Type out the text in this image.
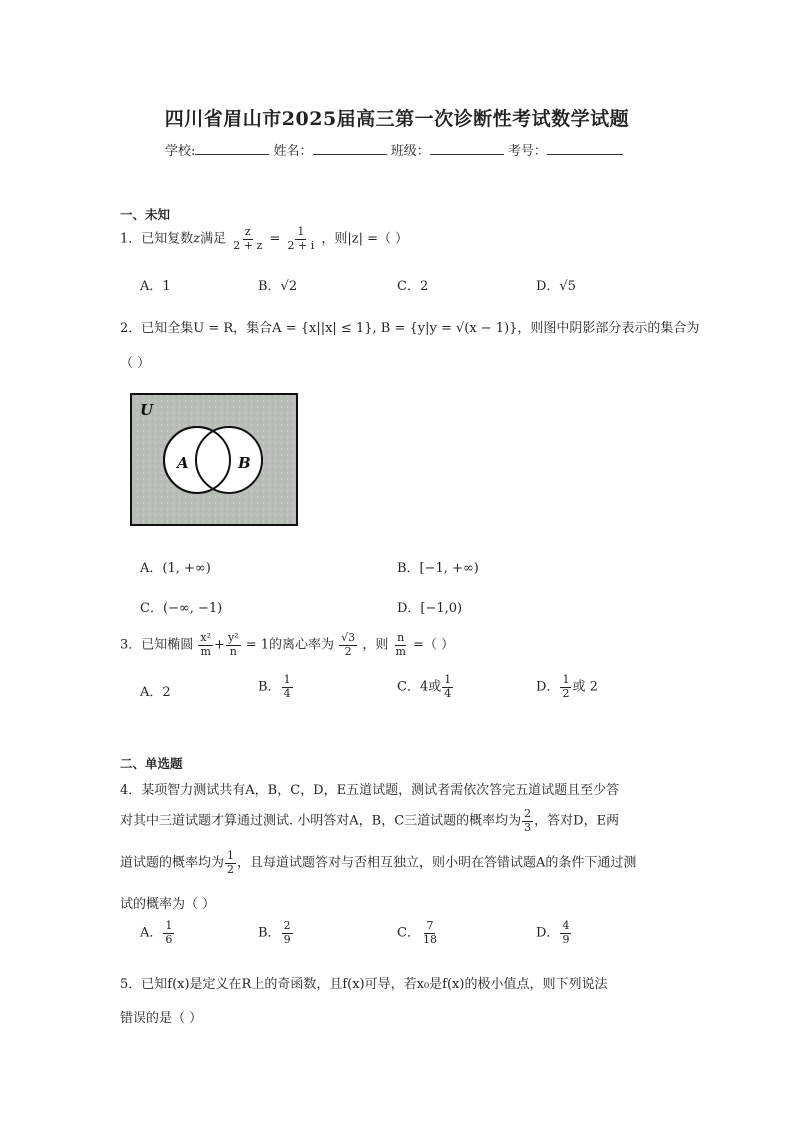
四川省眉山市2025届高三第一次诊断性考试数学试题
学校:	姓名：	班级：	考号：
一、未知
1．已知复数z满足 $\frac{z}{2 + z} = \frac{1}{2 + i}$ ，则|z| =（ ）
A．1	B．√2	C．2	D．√5
2．已知全集U = R，集合A = {x||x| ≤ 1}, B = {y|y = √(x − 1)}，则图中阴影部分表示的集合为
（ ）
U
A	B
A．(1, +∞)	B．[−1, +∞)
C．(−∞, −1)	D．[−1,0)
3．已知椭圆 $\frac{\text{x²}}{m} + \frac{\text{y²}}{n} = 1$的离心率为 $\frac{√3}{2}$ ，则 $\frac{n}{m}$ =（ ）
A．2	B． $\frac{1}{4}$	C．4或 $\frac{1}{4}$	D． $\frac{1}{2}$ 或 2
二、单选题
4．某项智力测试共有A，B，C，D，E五道试题，测试者需依次答完五道试题且至少答
对其中三道试题才算通过测试. 小明答对A，B，C三道试题的概率均为 $\frac{2}{3}$ ，答对D，E两
道试题的概率均为 $\frac{1}{2}$ ，且每道试题答对与否相互独立，则小明在答错试题A的条件下通过测
试的概率为（ ）
A． $\frac{1}{6}$	B． $\frac{2}{9}$	C． $\frac{7}{18}$	D． $\frac{4}{9}$
5．已知f(x)是定义在R上的奇函数，且f(x)可导，若x₀是f(x)的极小值点，则下列说法
错误的是（ ）
